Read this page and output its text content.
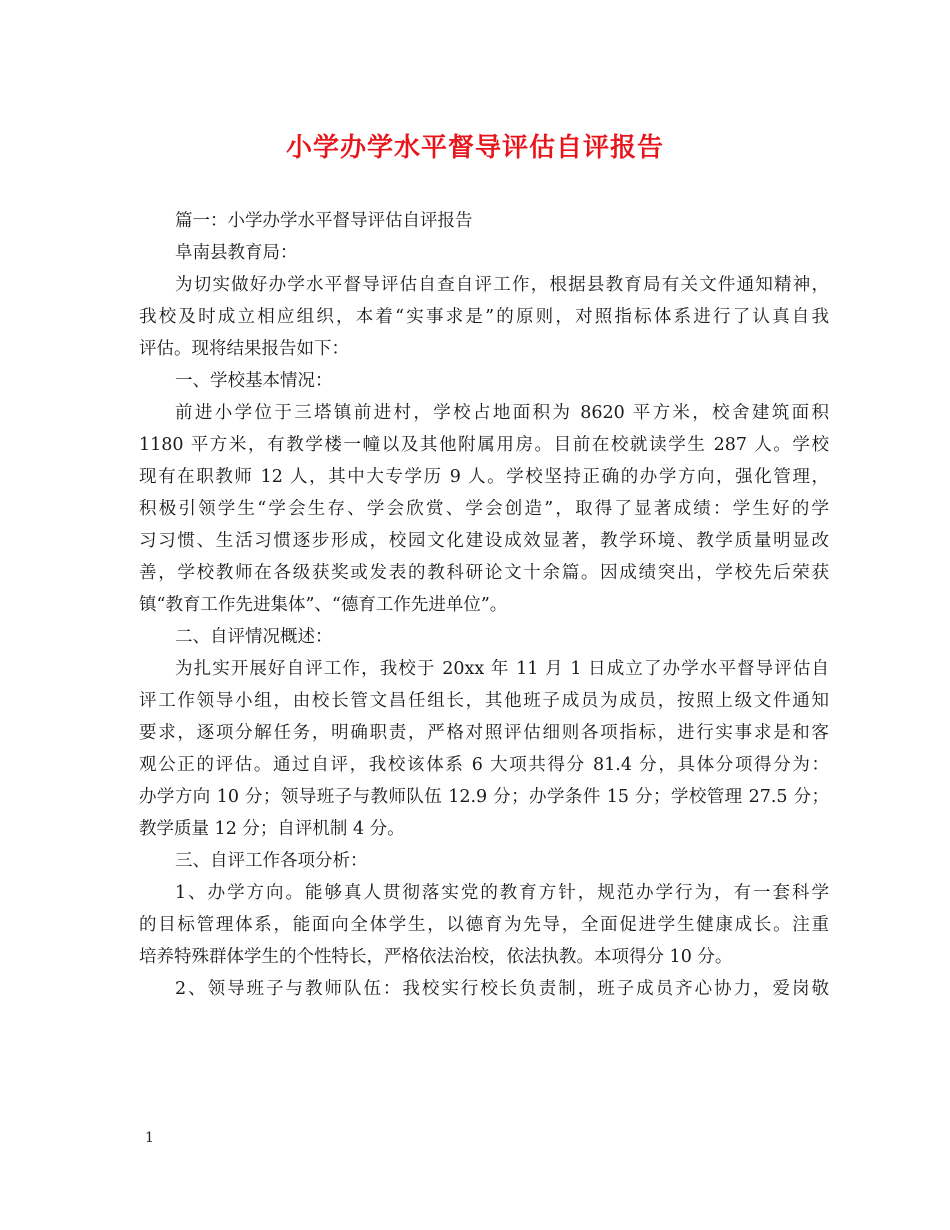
小学办学水平督导评估自评报告
篇一：小学办学水平督导评估自评报告
阜南县教育局：
为切实做好办学水平督导评估自查自评工作，根据县教育局有关文件通知精神，
我校及时成立相应组织，本着“实事求是”的原则，对照指标体系进行了认真自我
评估。现将结果报告如下：
一、学校基本情况：
前进小学位于三塔镇前进村，学校占地面积为 8620 平方米，校舍建筑面积
1180 平方米，有教学楼一幢以及其他附属用房。目前在校就读学生 287 人。学校
现有在职教师 12 人，其中大专学历 9 人。学校坚持正确的办学方向，强化管理，
积极引领学生“学会生存、学会欣赏、学会创造”，取得了显著成绩：学生好的学
习习惯、生活习惯逐步形成，校园文化建设成效显著，教学环境、教学质量明显改
善，学校教师在各级获奖或发表的教科研论文十余篇。因成绩突出，学校先后荣获
镇“教育工作先进集体”、“德育工作先进单位”。
二、自评情况概述：
为扎实开展好自评工作，我校于 20xx 年 11 月 1 日成立了办学水平督导评估自
评工作领导小组，由校长管文昌任组长，其他班子成员为成员，按照上级文件通知
要求，逐项分解任务，明确职责，严格对照评估细则各项指标，进行实事求是和客
观公正的评估。通过自评，我校该体系 6 大项共得分 81.4 分，具体分项得分为：
办学方向 10 分；领导班子与教师队伍 12.9 分；办学条件 15 分；学校管理 27.5 分；
教学质量 12 分；自评机制 4 分。
三、自评工作各项分析：
1、办学方向。能够真人贯彻落实党的教育方针，规范办学行为，有一套科学
的目标管理体系，能面向全体学生，以德育为先导，全面促进学生健康成长。注重
培养特殊群体学生的个性特长，严格依法治校，依法执教。本项得分 10 分。
2、领导班子与教师队伍：我校实行校长负责制，班子成员齐心协力，爱岗敬
1
